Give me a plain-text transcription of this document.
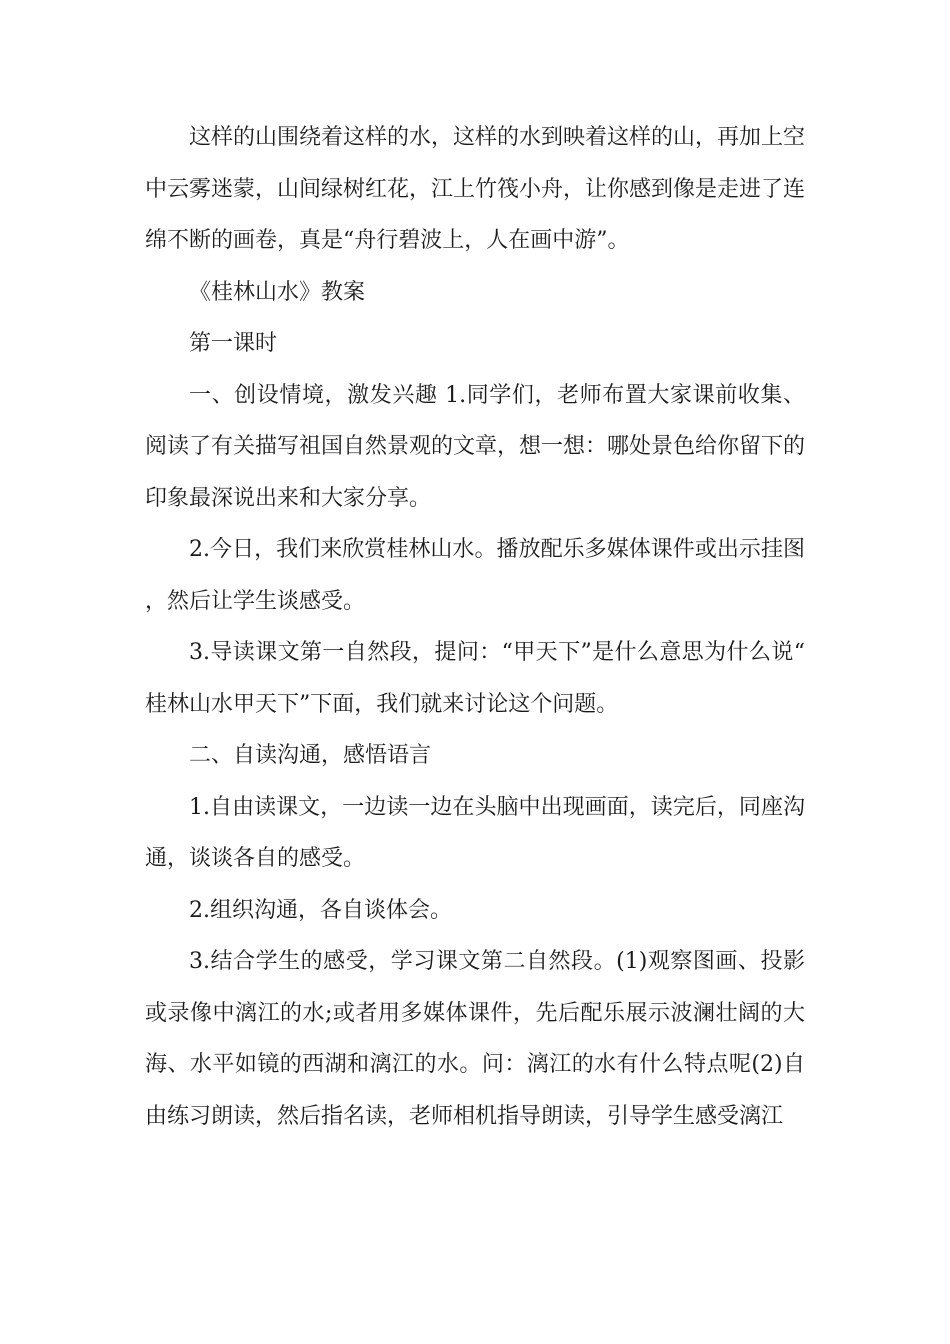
这样的山围绕着这样的水，这样的水到映着这样的山，再加上空中云雾迷蒙，山间绿树红花，江上竹筏小舟，让你感到像是走进了连绵不断的画卷，真是“舟行碧波上，人在画中游”。

《桂林山水》教案

第一课时

一、创设情境，激发兴趣 1.同学们，老师布置大家课前收集、阅读了有关描写祖国自然景观的文章，想一想：哪处景色给你留下的印象最深说出来和大家分享。

2.今日，我们来欣赏桂林山水。播放配乐多媒体课件或出示挂图，然后让学生谈感受。

3.导读课文第一自然段，提问：“甲天下”是什么意思为什么说“桂林山水甲天下”下面，我们就来讨论这个问题。

二、自读沟通，感悟语言

1.自由读课文，一边读一边在头脑中出现画面，读完后，同座沟通，谈谈各自的感受。

2.组织沟通，各自谈体会。

3.结合学生的感受，学习课文第二自然段。(1)观察图画、投影或录像中漓江的水;或者用多媒体课件，先后配乐展示波澜壮阔的大海、水平如镜的西湖和漓江的水。问：漓江的水有什么特点呢(2)自由练习朗读，然后指名读，老师相机指导朗读，引导学生感受漓江
